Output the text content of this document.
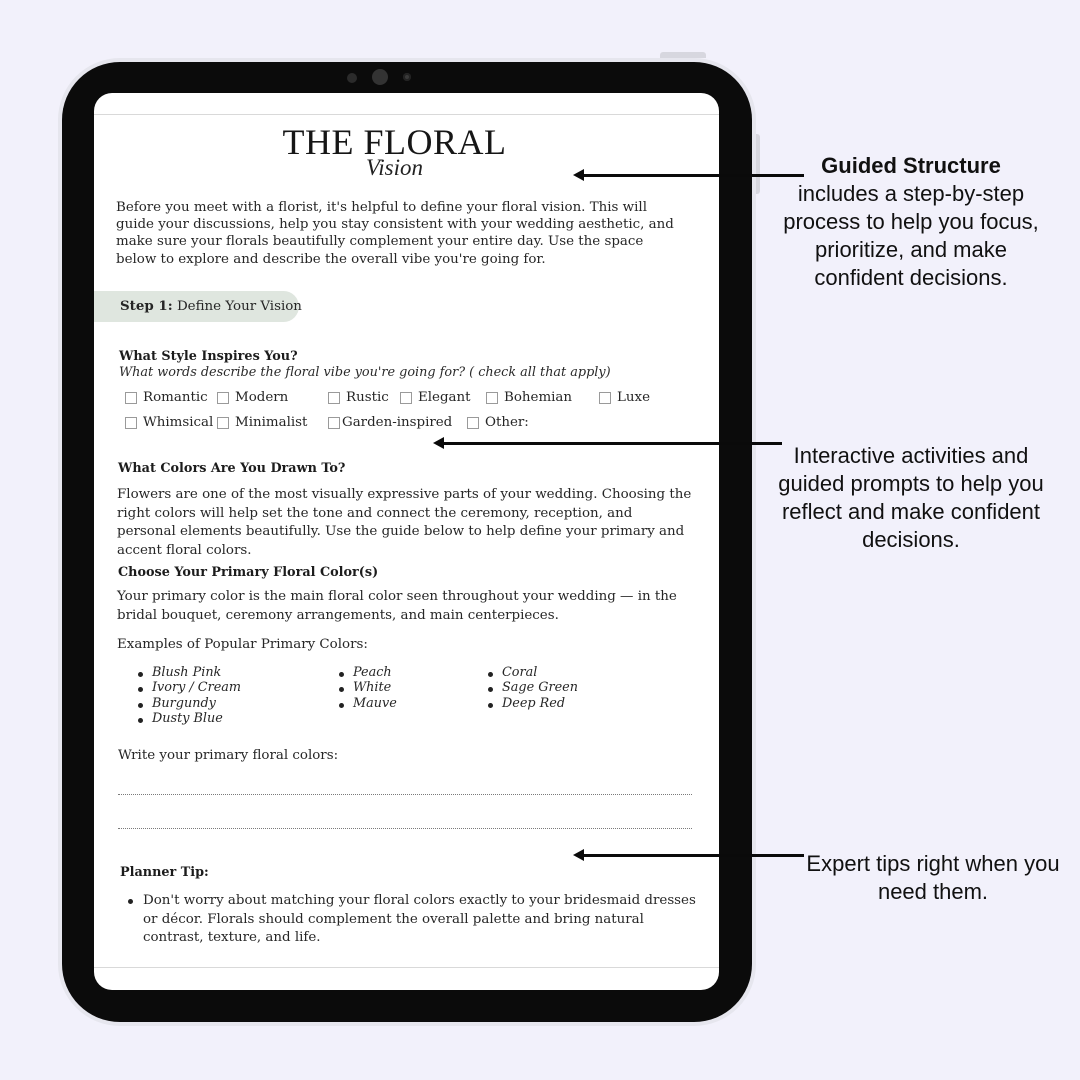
THE FLORAL
Vision
Before you meet with a florist, it's helpful to define your floral vision. This will guide your discussions, help you stay consistent with your wedding aesthetic, and make sure your florals beautifully complement your entire day. Use the space below to explore and describe the overall vibe you're going for.
Step 1: Define Your Vision
What Style Inspires You?
What words describe the floral vibe you're going for? ( check all that apply)
Romantic Modern	Rustic Elegant Bohemian	Luxe
Whimsical Minimalist	Garden-inspired Other:
What Colors Are You Drawn To?
Flowers are one of the most visually expressive parts of your wedding. Choosing the right colors will help set the tone and connect the ceremony, reception, and personal elements beautifully. Use the guide below to help define your primary and accent floral colors.
Choose Your Primary Floral Color(s)
Your primary color is the main floral color seen throughout your wedding — in the bridal bouquet, ceremony arrangements, and main centerpieces.
Examples of Popular Primary Colors:
Blush Pink
Ivory / Cream
Burgundy
Dusty Blue
Peach
White
Mauve
Coral
Sage Green
Deep Red
Write your primary floral colors:
Planner Tip:
Don't worry about matching your floral colors exactly to your bridesmaid dresses or décor. Florals should complement the overall palette and bring natural contrast, texture, and life.
Guided Structure
includes a step-by-step process to help you focus, prioritize, and make confident decisions.
Interactive activities and guided prompts to help you reflect and make confident decisions.
Expert tips right when you need them.
